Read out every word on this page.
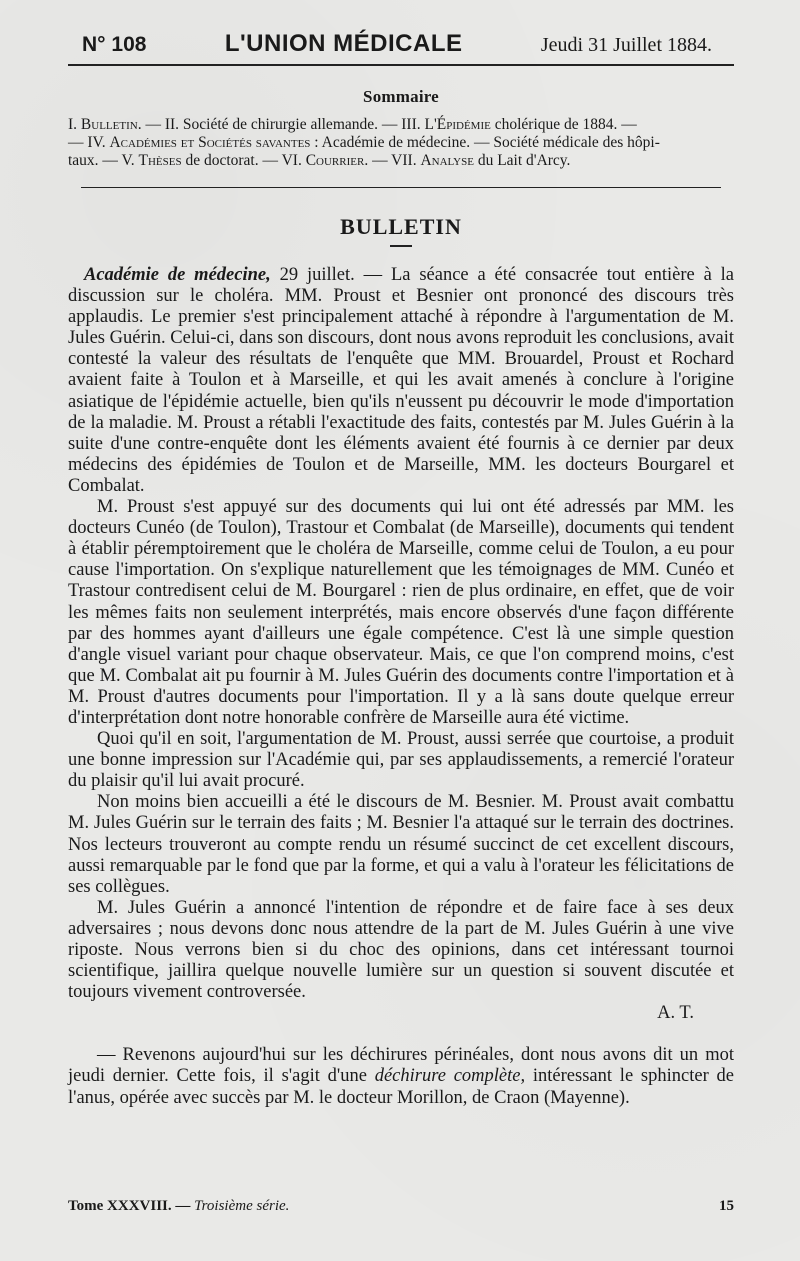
N° 108	L'UNION MÉDICALE	Jeudi 31 Juillet 1884.
Sommaire
I. Bulletin. — II. Société de chirurgie allemande. — III. L'Épidémie cholérique de 1884. —
— IV. Académies et Sociétés savantes : Académie de médecine. — Société médicale des hôpi-
taux. — V. Thèses de doctorat. — VI. Courrier. — VII. Analyse du Lait d'Arcy.
BULLETIN

Académie de médecine, 29 juillet. — La séance a été consacrée tout entière à la discussion sur le choléra. MM. Proust et Besnier ont prononcé des discours très applaudis. Le premier s'est principalement attaché à répondre à l'argumentation de M. Jules Guérin. Celui-ci, dans son discours, dont nous avons reproduit les conclusions, avait contesté la valeur des résultats de l'enquête que MM. Brouardel, Proust et Rochard avaient faite à Toulon et à Marseille, et qui les avait amenés à conclure à l'origine asiatique de l'épidémie actuelle, bien qu'ils n'eussent pu découvrir le mode d'importation de la maladie. M. Proust a rétabli l'exactitude des faits, contestés par M. Jules Guérin à la suite d'une contre-enquête dont les éléments avaient été fournis à ce dernier par deux médecins des épidémies de Toulon et de Marseille, MM. les docteurs Bourgarel et Combalat.

M. Proust s'est appuyé sur des documents qui lui ont été adressés par MM. les docteurs Cunéo (de Toulon), Trastour et Combalat (de Marseille), documents qui tendent à établir péremptoirement que le choléra de Marseille, comme celui de Toulon, a eu pour cause l'importation. On s'explique naturellement que les témoignages de MM. Cunéo et Trastour contredisent celui de M. Bourgarel : rien de plus ordinaire, en effet, que de voir les mêmes faits non seulement interprétés, mais encore observés d'une façon différente par des hommes ayant d'ailleurs une égale compétence. C'est là une simple question d'angle visuel variant pour chaque observateur. Mais, ce que l'on comprend moins, c'est que M. Combalat ait pu fournir à M. Jules Guérin des documents contre l'importation et à M. Proust d'autres documents pour l'importation. Il y a là sans doute quelque erreur d'interprétation dont notre honorable confrère de Marseille aura été victime.

Quoi qu'il en soit, l'argumentation de M. Proust, aussi serrée que courtoise, a produit une bonne impression sur l'Académie qui, par ses applaudissements, a remercié l'orateur du plaisir qu'il lui avait procuré.

Non moins bien accueilli a été le discours de M. Besnier. M. Proust avait combattu M. Jules Guérin sur le terrain des faits ; M. Besnier l'a attaqué sur le terrain des doctrines. Nos lecteurs trouveront au compte rendu un résumé succinct de cet excellent discours, aussi remarquable par le fond que par la forme, et qui a valu à l'orateur les félicitations de ses collègues.

M. Jules Guérin a annoncé l'intention de répondre et de faire face à ses deux adversaires ; nous devons donc nous attendre de la part de M. Jules Guérin à une vive riposte. Nous verrons bien si du choc des opinions, dans cet intéressant tournoi scientifique, jaillira quelque nouvelle lumière sur un question si souvent discutée et toujours vivement controversée.

A. T.

— Revenons aujourd'hui sur les déchirures périnéales, dont nous avons dit un mot jeudi dernier. Cette fois, il s'agit d'une déchirure complète, intéressant le sphincter de l'anus, opérée avec succès par M. le docteur Morillon, de Craon (Mayenne).

Tome XXXVIII. — Troisième série.	15
